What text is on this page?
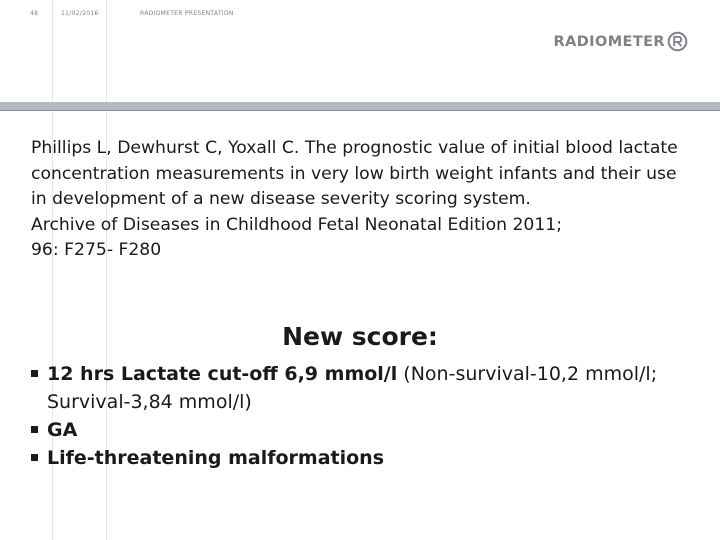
48	11/02/2016	RADIOMETER PRESENTATION
RADIOMETER

Phillips L, Dewhurst C, Yoxall C. The prognostic value of initial blood lactate concentration measurements in very low birth weight infants and their use in development of a new disease severity scoring system.

Archive of Diseases in Childhood Fetal Neonatal Edition 2011;
96: F275- F280

New score:
12 hrs Lactate cut-off 6,9 mmol/l (Non-survival-10,2 mmol/l; Survival-3,84 mmol/l)
GA
Life-threatening malformations
